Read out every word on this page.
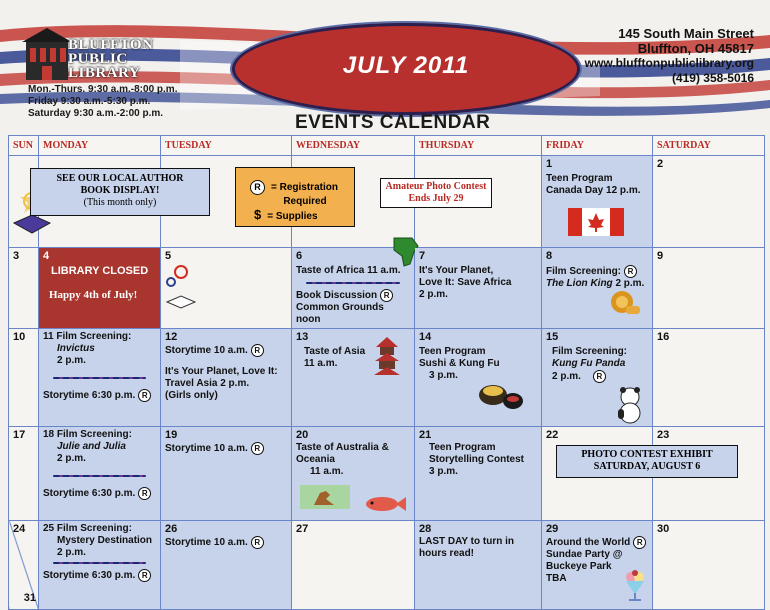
BLUFFTON
PUBLIC
LIBRARY
Mon.-Thurs. 9:30 a.m.-8:00 p.m.
Friday 9:30 a.m.-5:30 p.m.
Saturday 9:30 a.m.-2:00 p.m.
JULY 2011
145 South Main Street
Bluffton, OH 45817
www.blufftonpubliclibrary.org
(419) 358-5016
EVENTS CALENDAR
SUN	MONDAY	TUESDAY	WEDNESDAY	THURSDAY	FRIDAY	SATURDAY

					1
Teen Program
Canada Day 12 p.m.	2

3	4
LIBRARY CLOSED
Happy 4th of July!	5	6
Taste of Africa 11 a.m.
Book Discussion R
Common Grounds noon	7
It's Your Planet,
Love It: Save Africa
2 p.m.	8
Film Screening: R
The Lion King 2 p.m.	9

10	11 Film Screening:
Invictus
2 p.m.
Storytime 6:30 p.m. R	12
Storytime 10 a.m. R
It's Your Planet, Love It:
Travel Asia 2 p.m.
(Girls only)	13
Taste of Asia
11 a.m.	14
Teen Program
Sushi & Kung Fu
3 p.m.	15
Film Screening:
Kung Fu Panda
2 p.m. R	16

17	18 Film Screening:
Julie and Julia
2 p.m.
Storytime 6:30 p.m. R	19
Storytime 10 a.m. R	20
Taste of Australia &
Oceania
11 a.m.	21
Teen Program
Storytelling Contest
3 p.m.	22	23

24
31	25 Film Screening:
Mystery Destination
2 p.m.
Storytime 6:30 p.m. R	26
Storytime 10 a.m. R	27	28
LAST DAY to turn in
hours read!	29
Around the World R
Sundae Party @
Buckeye Park
TBA	30
SEE OUR LOCAL AUTHOR
BOOK DISPLAY!
(This month only)
R = Registration
Required
$ = Supplies
Amateur Photo Contest
Ends July 29
PHOTO CONTEST EXHIBIT
SATURDAY, AUGUST 6
